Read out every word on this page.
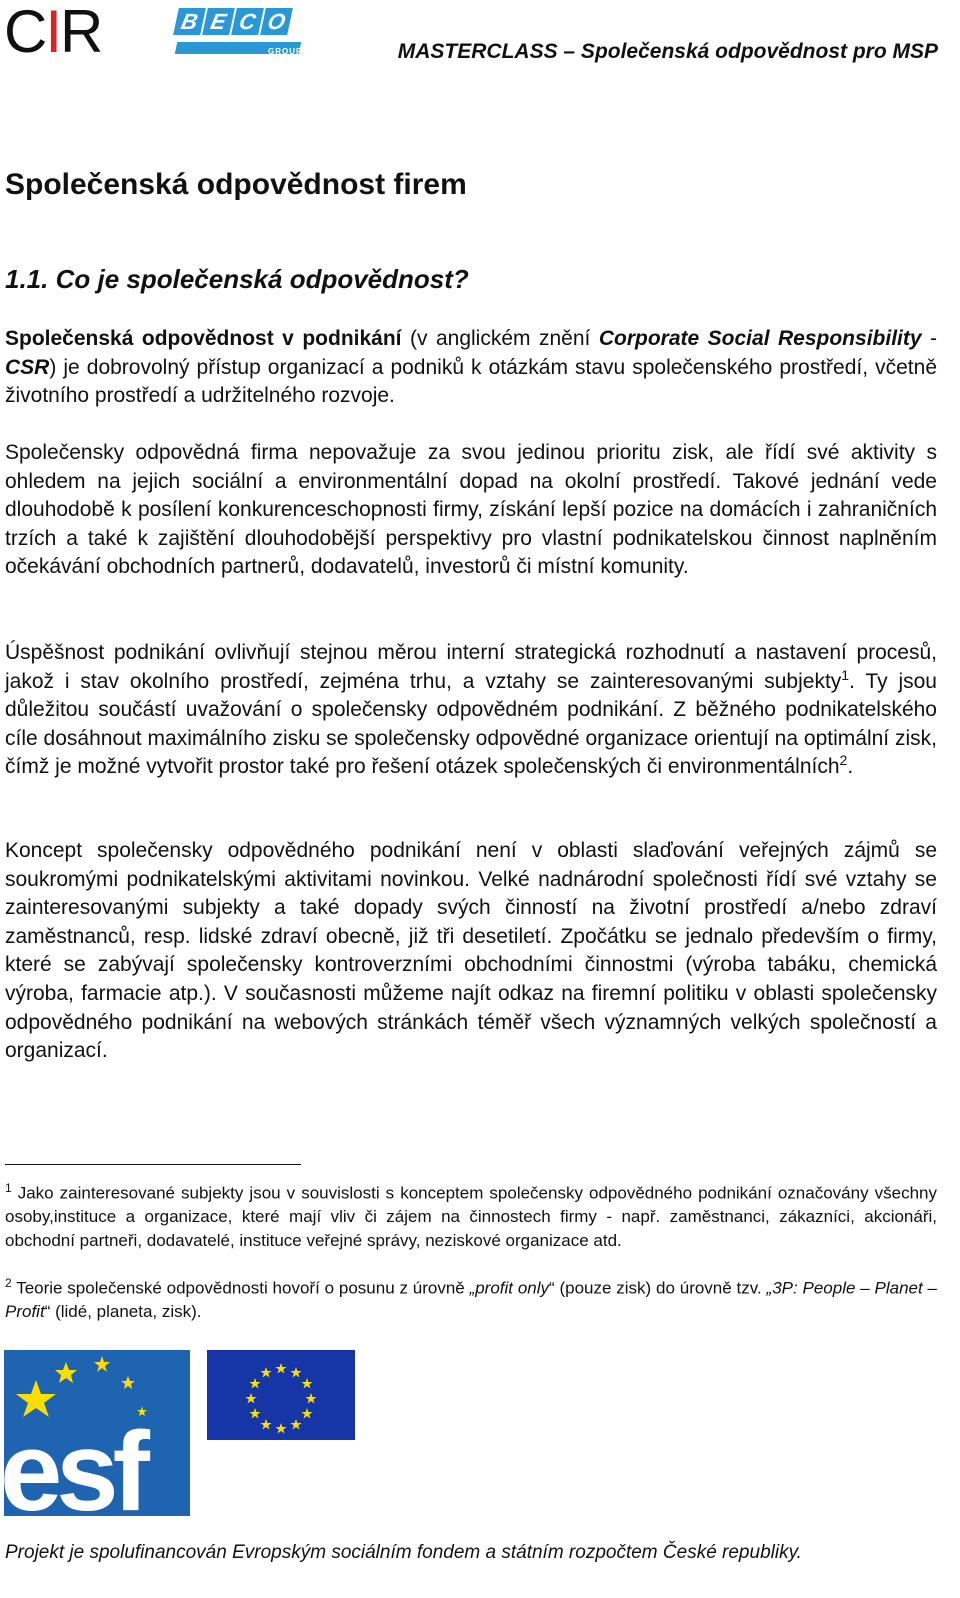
CIR	B E C O
GROUP	MASTERCLASS – Společenská odpovědnost pro MSP
Společenská odpovědnost firem
1.1. Co je společenská odpovědnost?

Společenská odpovědnost v podnikání (v anglickém znění Corporate Social Responsibility - CSR) je dobrovolný přístup organizací a podniků k otázkám stavu společenského prostředí, včetně životního prostředí a udržitelného rozvoje.

Společensky odpovědná firma nepovažuje za svou jedinou prioritu zisk, ale řídí své aktivity s ohledem na jejich sociální a environmentální dopad na okolní prostředí. Takové jednání vede dlouhodobě k posílení konkurenceschopnosti firmy, získání lepší pozice na domácích i zahraničních trzích a také k zajištění dlouhodobější perspektivy pro vlastní podnikatelskou činnost naplněním očekávání obchodních partnerů, dodavatelů, investorů či místní komunity.

Úspěšnost podnikání ovlivňují stejnou měrou interní strategická rozhodnutí a nastavení procesů, jakož i stav okolního prostředí, zejména trhu, a vztahy se zainteresovanými subjekty$^1$. Ty jsou důležitou součástí uvažování o společensky odpovědném podnikání. Z běžného podnikatelského cíle dosáhnout maximálního zisku se společensky odpovědné organizace orientují na optimální zisk, čímž je možné vytvořit prostor také pro řešení otázek společenských či environmentálních$^2$.

Koncept společensky odpovědného podnikání není v oblasti slaďování veřejných zájmů se soukromými podnikatelskými aktivitami novinkou. Velké nadnárodní společnosti řídí své vztahy se zainteresovanými subjekty a také dopady svých činností na životní prostředí a/nebo zdraví zaměstnanců, resp. lidské zdraví obecně, již tři desetiletí. Zpočátku se jednalo především o firmy, které se zabývají společensky kontroverzními obchodními činnostmi (výroba tabáku, chemická výroba, farmacie atp.). V současnosti můžeme najít odkaz na firemní politiku v oblasti společensky odpovědného podnikání na webových stránkách téměř všech významných velkých společností a organizací.

$^1$ Jako zainteresované subjekty jsou v souvislosti s konceptem společensky odpovědného podnikání označovány všechny osoby,instituce a organizace, které mají vliv či zájem na činnostech firmy - např. zaměstnanci, zákazníci, akcionáři, obchodní partneři, dodavatelé, instituce veřejné správy, neziskové organizace atd.
$^2$ Teorie společenské odpovědnosti hovoří o posunu z úrovně „profit only“ (pouze zisk) do úrovně tzv. „3P: People – Planet – Profit“ (lidé, planeta, zisk).
esf
Projekt je spolufinancován Evropským sociálním fondem a státním rozpočtem České republiky.
